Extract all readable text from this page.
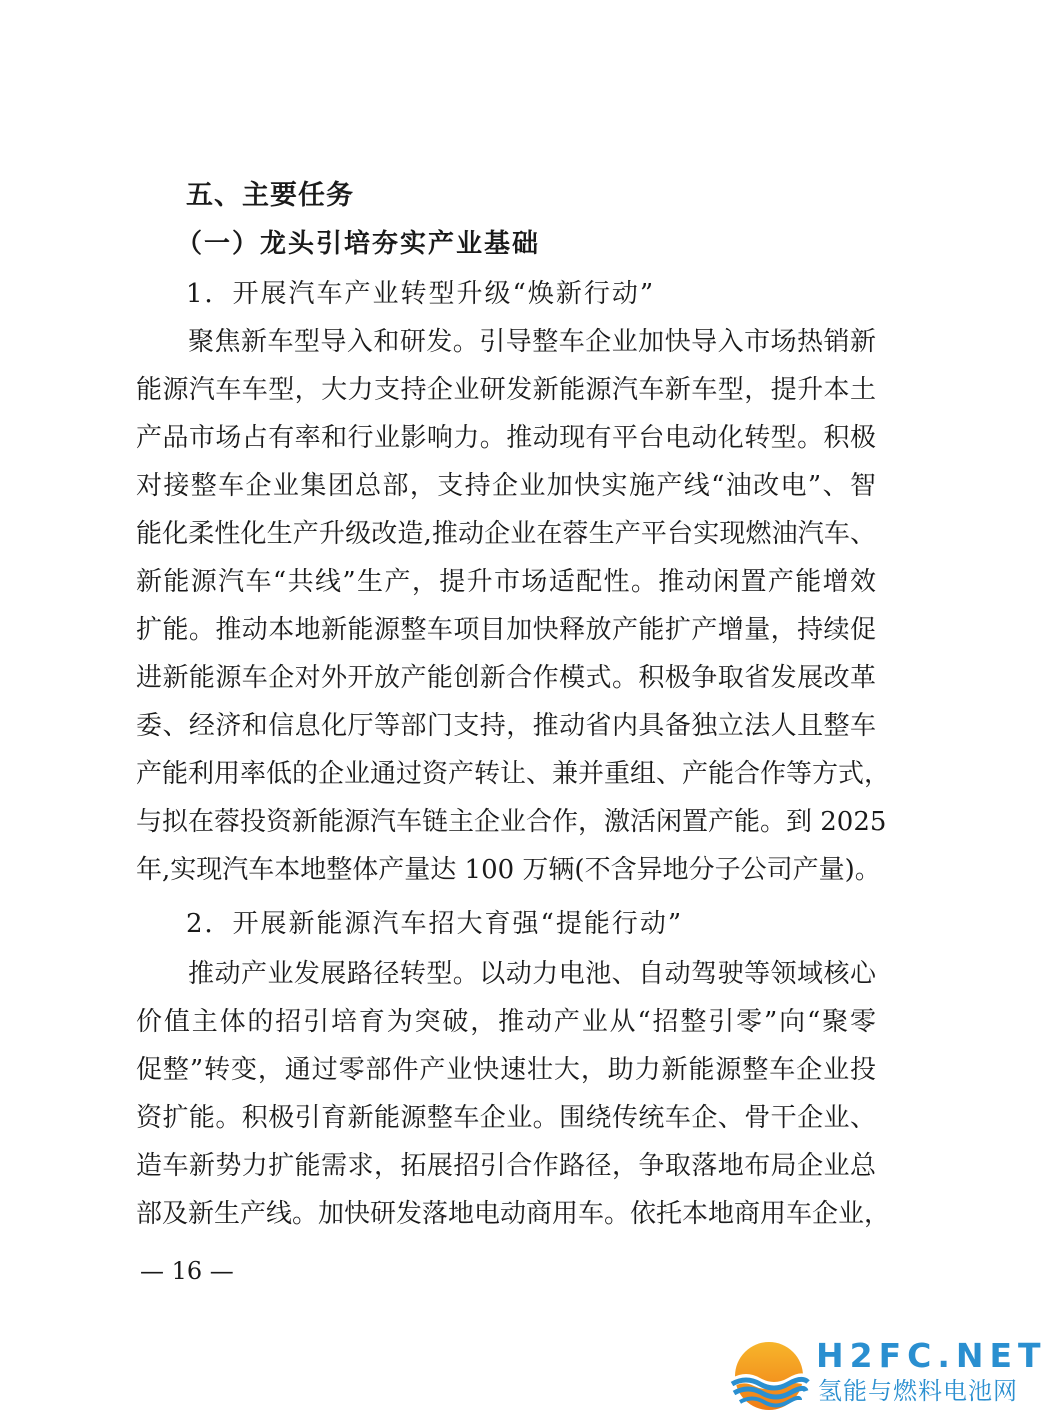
五、主要任务
（一）龙头引培夯实产业基础
1．开展汽车产业转型升级“焕新行动”
聚焦新车型导入和研发。引导整车企业加快导入市场热销新
能源汽车车型，大力支持企业研发新能源汽车新车型，提升本土
产品市场占有率和行业影响力。推动现有平台电动化转型。积极
对接整车企业集团总部，支持企业加快实施产线“油改电”、智
能化柔性化生产升级改造,推动企业在蓉生产平台实现燃油汽车、
新能源汽车“共线”生产，提升市场适配性。推动闲置产能增效
扩能。推动本地新能源整车项目加快释放产能扩产增量，持续促
进新能源车企对外开放产能创新合作模式。积极争取省发展改革
委、经济和信息化厅等部门支持，推动省内具备独立法人且整车
产能利用率低的企业通过资产转让、兼并重组、产能合作等方式，
与拟在蓉投资新能源汽车链主企业合作，激活闲置产能。到 2025
年,实现汽车本地整体产量达 100 万辆(不含异地分子公司产量)。
2．开展新能源汽车招大育强“提能行动”
推动产业发展路径转型。以动力电池、自动驾驶等领域核心
价值主体的招引培育为突破，推动产业从“招整引零”向“聚零
促整”转变，通过零部件产业快速壮大，助力新能源整车企业投
资扩能。积极引育新能源整车企业。围绕传统车企、骨干企业、
造车新势力扩能需求，拓展招引合作路径，争取落地布局企业总
部及新生产线。加快研发落地电动商用车。依托本地商用车企业，
— 16 —
H2FC.NET
氢能与燃料电池网
